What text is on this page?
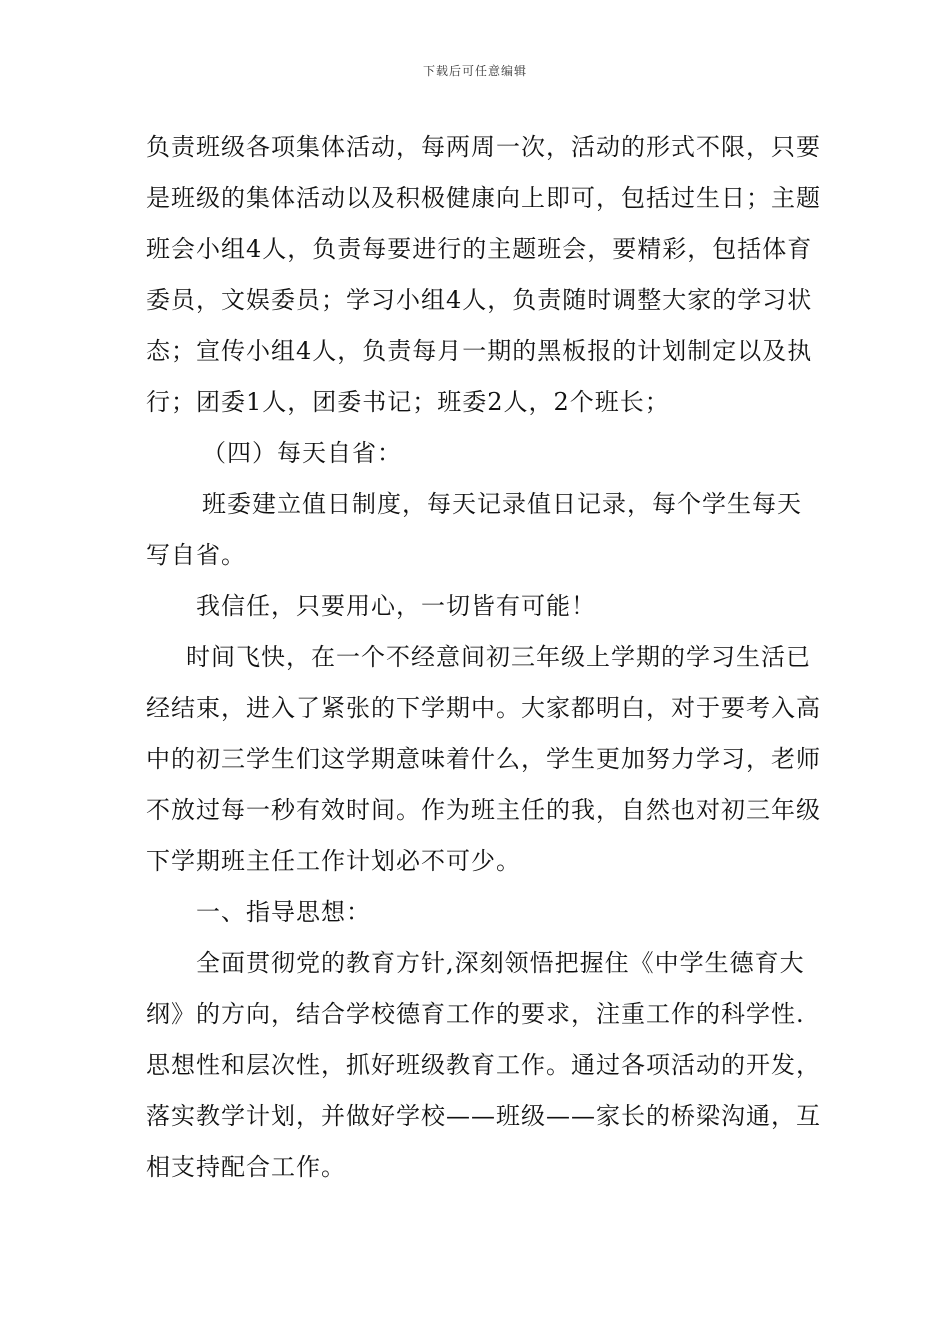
下载后可任意编辑

负责班级各项集体活动，每两周一次，活动的形式不限，只要是班级的集体活动以及积极健康向上即可，包括过生日；主题班会小组4人，负责每要进行的主题班会，要精彩，包括体育委员，文娱委员；学习小组4人，负责随时调整大家的学习状态；宣传小组4人，负责每月一期的黑板报的计划制定以及执行；团委1人，团委书记；班委2人，2个班长；

（四）每天自省：

班委建立值日制度，每天记录值日记录，每个学生每天写自省。

我信任，只要用心，一切皆有可能！

时间飞快，在一个不经意间初三年级上学期的学习生活已经结束，进入了紧张的下学期中。大家都明白，对于要考入高中的初三学生们这学期意味着什么，学生更加努力学习，老师不放过每一秒有效时间。作为班主任的我，自然也对初三年级下学期班主任工作计划必不可少。

一、指导思想：

全面贯彻党的教育方针,深刻领悟把握住《中学生德育大纲》的方向，结合学校德育工作的要求，注重工作的科学性.思想性和层次性，抓好班级教育工作。通过各项活动的开发，落实教学计划，并做好学校——班级——家长的桥梁沟通，互相支持配合工作。
